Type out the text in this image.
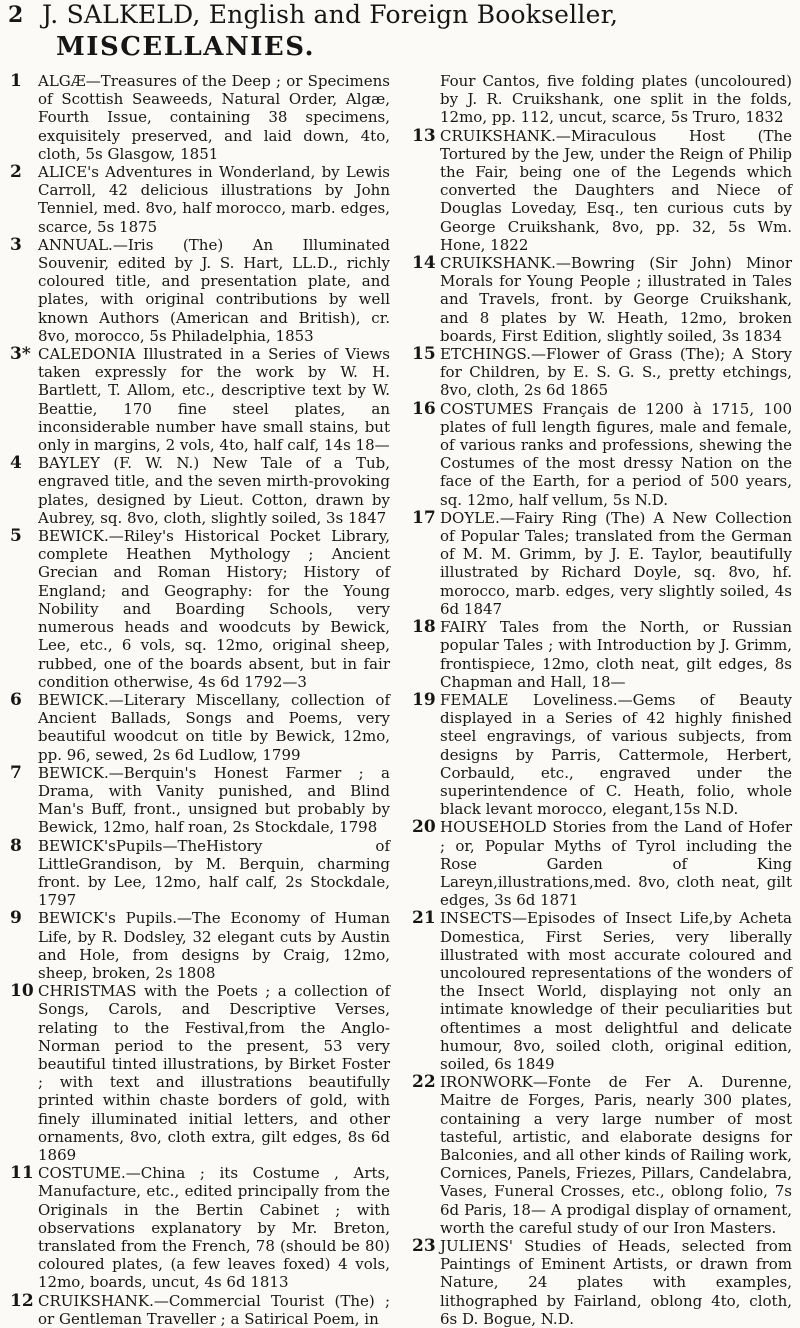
2 J. SALKELD, English and Foreign Bookseller,
MISCELLANIES.

1	ALGÆ—Treasures of the Deep ; or Specimens of Scottish Seaweeds, Natural Order, Algæ, Fourth Issue, containing 38 specimens, exquisitely preserved, and laid down, 4to, cloth, 5s Glasgow, 1851

2	ALICE's Adventures in Wonderland, by Lewis Carroll, 42 delicious illustrations by John Tenniel, med. 8vo, half morocco, marb. edges, scarce, 5s 1875

3	ANNUAL.—Iris (The) An Illuminated Souvenir, edited by J. S. Hart, LL.D., richly coloured title, and presentation plate, and plates, with original contributions by well known Authors (American and British), cr. 8vo, morocco, 5s Philadelphia, 1853

3* CALEDONIA Illustrated in a Series of Views taken expressly for the work by W. H. Bartlett, T. Allom, etc., descriptive text by W. Beattie, 170 fine steel plates, an inconsiderable number have small stains, but only in margins, 2 vols, 4to, half calf, 14s 18—

4	BAYLEY (F. W. N.) New Tale of a Tub, engraved title, and the seven mirth-provoking plates, designed by Lieut. Cotton, drawn by Aubrey, sq. 8vo, cloth, slightly soiled, 3s 1847

5	BEWICK.—Riley's Historical Pocket Library, complete Heathen Mythology ; Ancient Grecian and Roman History; History of England; and Geography: for the Young Nobility and Boarding Schools, very numerous heads and woodcuts by Bewick, Lee, etc., 6 vols, sq. 12mo, original sheep, rubbed, one of the boards absent, but in fair condition otherwise, 4s 6d 1792—3

6	BEWICK.—Literary Miscellany, collection of Ancient Ballads, Songs and Poems, very beautiful woodcut on title by Bewick, 12mo, pp. 96, sewed, 2s 6d Ludlow, 1799

7	BEWICK.—Berquin's Honest Farmer ; a Drama, with Vanity punished, and Blind Man's Buff, front., unsigned but probably by Bewick, 12mo, half roan, 2s Stockdale, 1798

8	BEWICK'sPupils—TheHistory of LittleGrandison, by M. Berquin, charming front. by Lee, 12mo, half calf, 2s Stockdale, 1797

9	BEWICK's Pupils.—The Economy of Human Life, by R. Dodsley, 32 elegant cuts by Austin and Hole, from designs by Craig, 12mo, sheep, broken, 2s 1808

10 CHRISTMAS with the Poets ; a collection of Songs, Carols, and Descriptive Verses, relating to the Festival,from the Anglo-Norman period to the present, 53 very beautiful tinted illustrations, by Birket Foster ; with text and illustrations beautifully printed within chaste borders of gold, with finely illuminated initial letters, and other ornaments, 8vo, cloth extra, gilt edges, 8s 6d 1869

11 COSTUME.—China ; its Costume , Arts, Manufacture, etc., edited principally from the Originals in the Bertin Cabinet ; with observations explanatory by Mr. Breton, translated from the French, 78 (should be 80) coloured plates, (a few leaves foxed) 4 vols, 12mo, boards, uncut, 4s 6d 1813

12 CRUIKSHANK.—Commercial Tourist (The) ; or Gentleman Traveller ; a Satirical Poem, in

Four Cantos, five folding plates (uncoloured) by J. R. Cruikshank, one split in the folds, 12mo, pp. 112, uncut, scarce, 5s Truro, 1832

13 CRUIKSHANK.—Miraculous Host (The Tortured by the Jew, under the Reign of Philip the Fair, being one of the Legends which converted the Daughters and Niece of Douglas Loveday, Esq., ten curious cuts by George Cruikshank, 8vo, pp. 32, 5s Wm. Hone, 1822

14 CRUIKSHANK.—Bowring (Sir John) Minor Morals for Young People ; illustrated in Tales and Travels, front. by George Cruikshank, and 8 plates by W. Heath, 12mo, broken boards, First Edition, slightly soiled, 3s 1834

15 ETCHINGS.—Flower of Grass (The); A Story for Children, by E. S. G. S., pretty etchings, 8vo, cloth, 2s 6d 1865

16 COSTUMES Français de 1200 à 1715, 100 plates of full length figures, male and female, of various ranks and professions, shewing the Costumes of the most dressy Nation on the face of the Earth, for a period of 500 years, sq. 12mo, half vellum, 5s N.D.

17 DOYLE.—Fairy Ring (The) A New Collection of Popular Tales; translated from the German of M. M. Grimm, by J. E. Taylor, beautifully illustrated by Richard Doyle, sq. 8vo, hf. morocco, marb. edges, very slightly soiled, 4s 6d 1847

18 FAIRY Tales from the North, or Russian popular Tales ; with Introduction by J. Grimm, frontispiece, 12mo, cloth neat, gilt edges, 8s Chapman and Hall, 18—

19 FEMALE Loveliness.—Gems of Beauty displayed in a Series of 42 highly finished steel engravings, of various subjects, from designs by Parris, Cattermole, Herbert, Corbauld, etc., engraved under the superintendence of C. Heath, folio, whole black levant morocco, elegant,15s N.D.

20 HOUSEHOLD Stories from the Land of Hofer ; or, Popular Myths of Tyrol including the Rose Garden of King Lareyn,illustrations,med. 8vo, cloth neat, gilt edges, 3s 6d 1871

21 INSECTS—Episodes of Insect Life,by Acheta Domestica, First Series, very liberally illustrated with most accurate coloured and uncoloured representations of the wonders of the Insect World, displaying not only an intimate knowledge of their peculiarities but oftentimes a most delightful and delicate humour, 8vo, soiled cloth, original edition, soiled, 6s 1849

22 IRONWORK—Fonte de Fer A. Durenne, Maitre de Forges, Paris, nearly 300 plates, containing a very large number of most tasteful, artistic, and elaborate designs for Balconies, and all other kinds of Railing work, Cornices, Panels, Friezes, Pillars, Candelabra, Vases, Funeral Crosses, etc., oblong folio, 7s 6d Paris, 18— A prodigal display of ornament, worth the careful study of our Iron Masters.

23 JULIENS' Studies of Heads, selected from Paintings of Eminent Artists, or drawn from Nature, 24 plates with examples, lithographed by Fairland, oblong 4to, cloth, 6s D. Bogue, N.D.
